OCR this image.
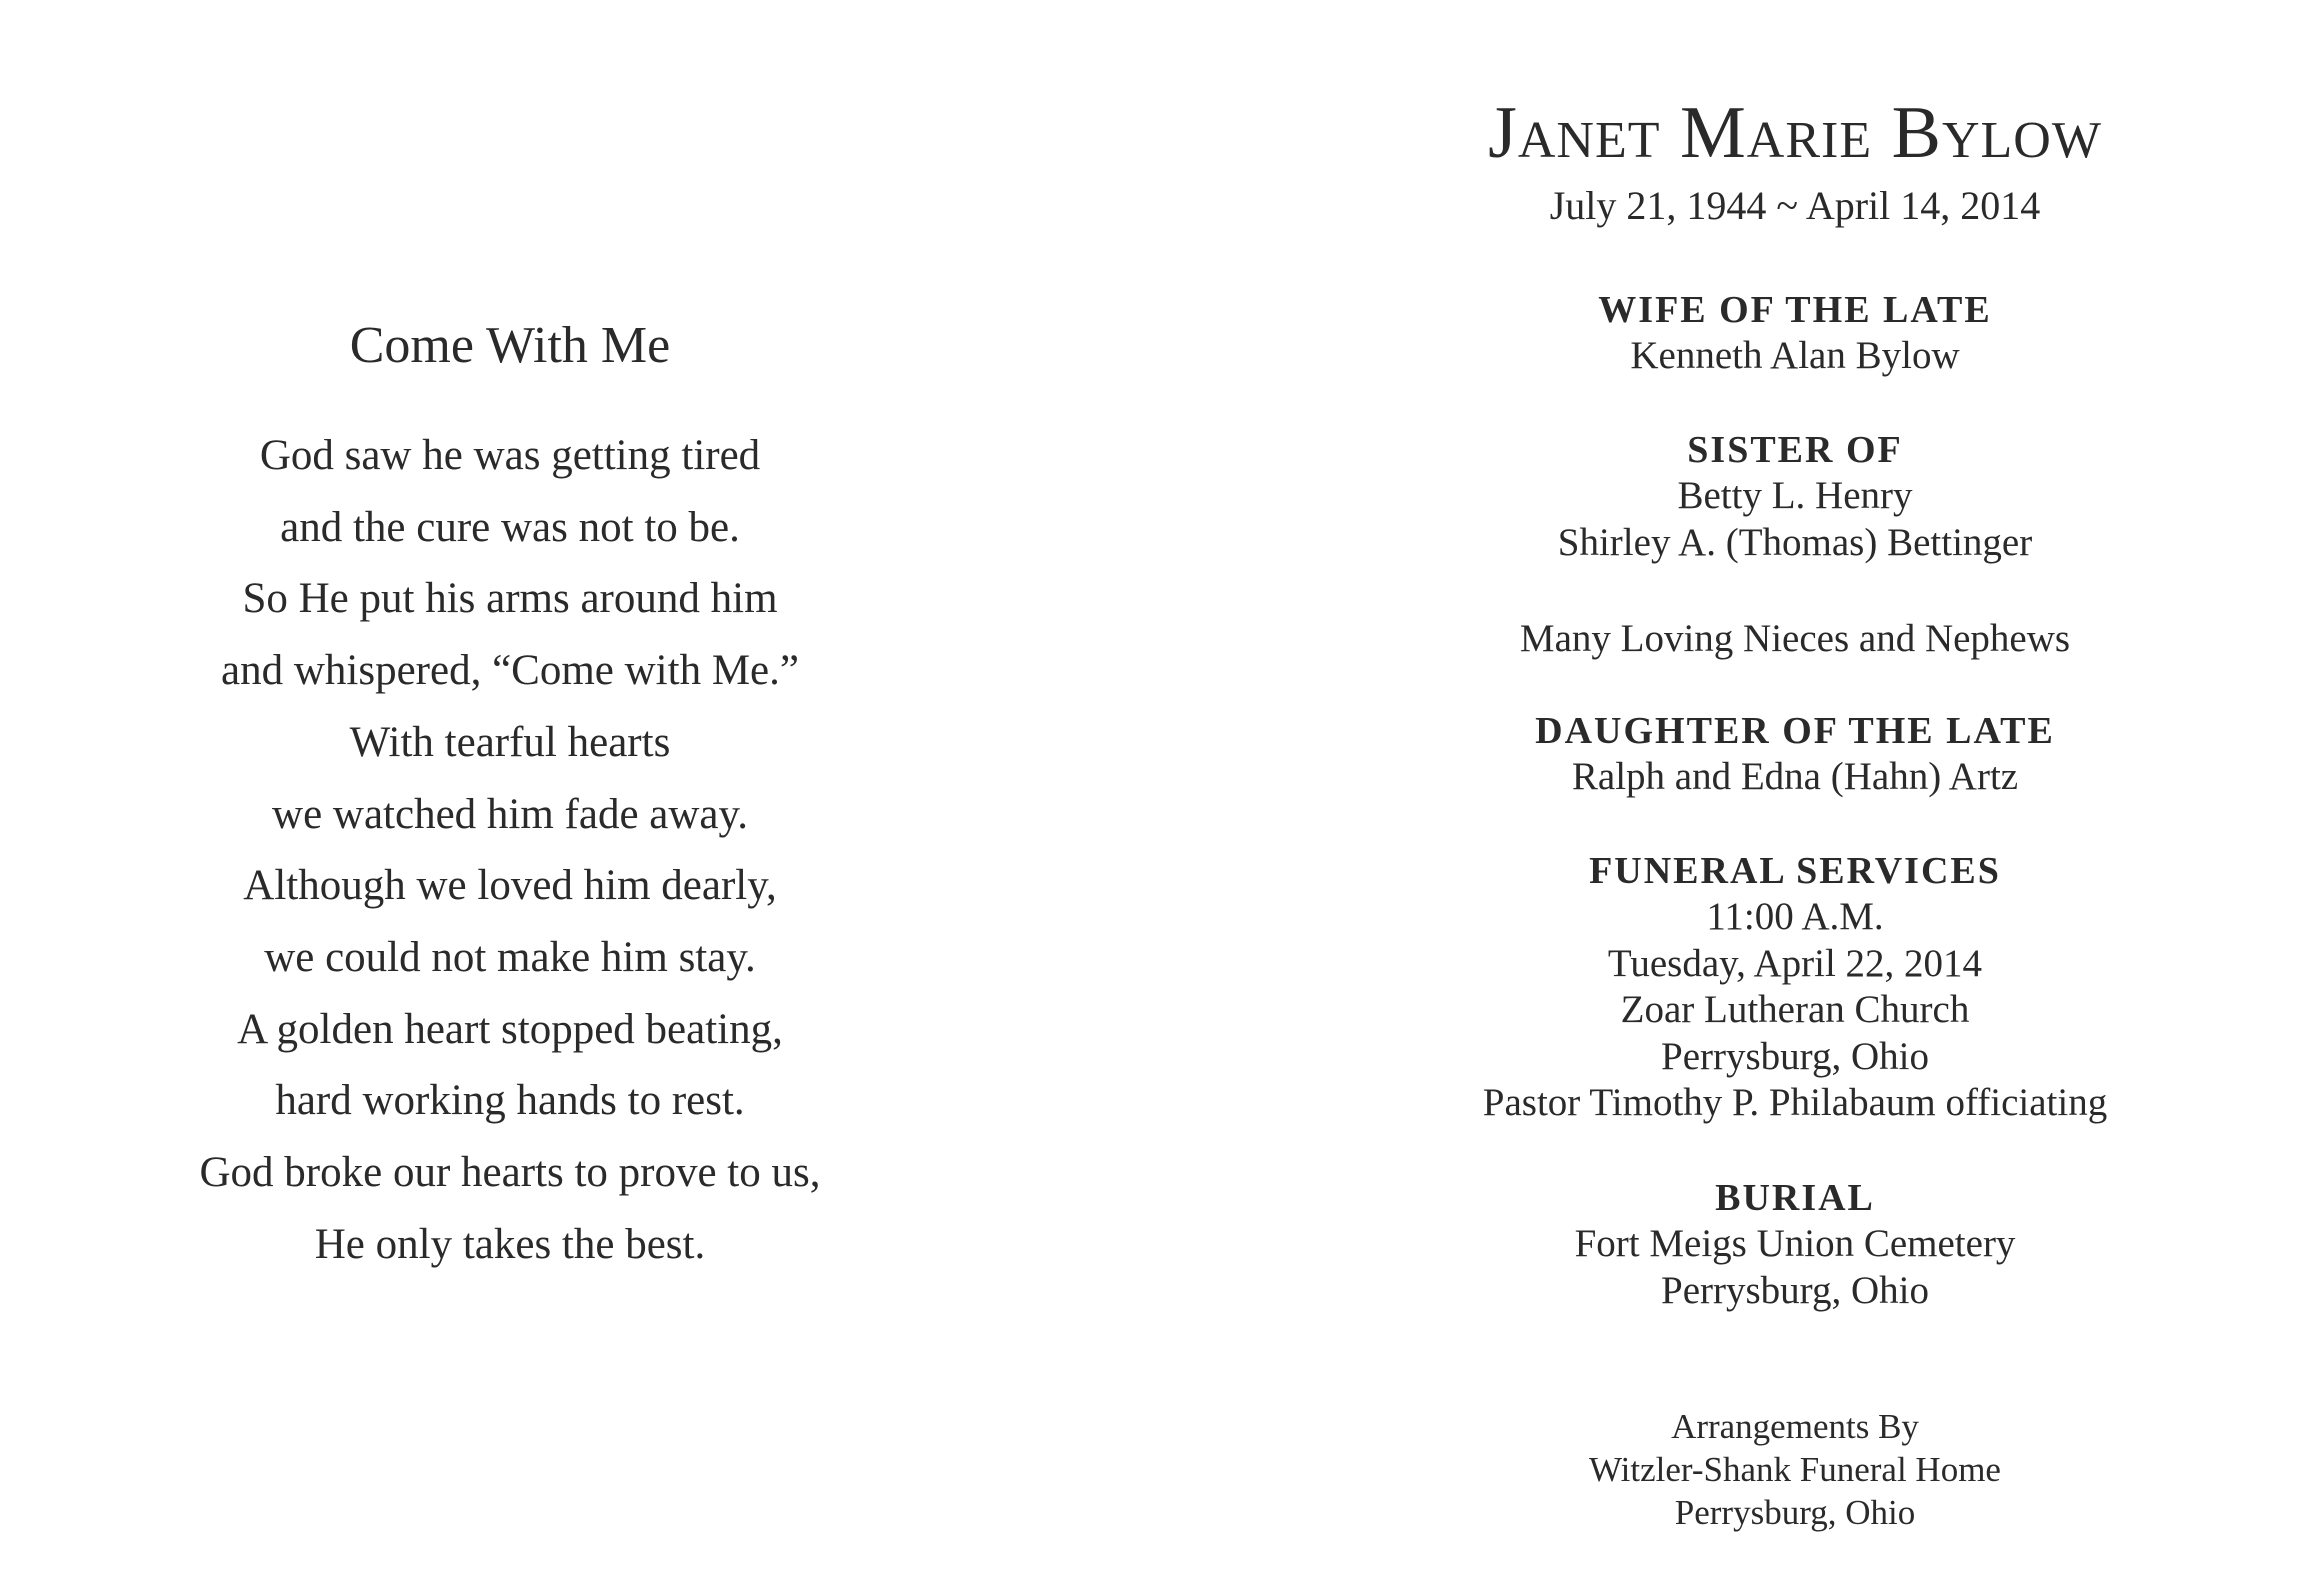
Come With Me
God saw he was getting tired
and the cure was not to be.
So He put his arms around him
and whispered, “Come with Me.”
With tearful hearts
we watched him fade away.
Although we loved him dearly,
we could not make him stay.
A golden heart stopped beating,
hard working hands to rest.
God broke our hearts to prove to us,
He only takes the best.
Janet Marie Bylow
July 21, 1944 ~ April 14, 2014
WIFE OF THE LATE
Kenneth Alan Bylow
SISTER OF
Betty L. Henry
Shirley A. (Thomas) Bettinger
Many Loving Nieces and Nephews
DAUGHTER OF THE LATE
Ralph and Edna (Hahn) Artz
FUNERAL SERVICES
11:00 A.M.
Tuesday, April 22, 2014
Zoar Lutheran Church
Perrysburg, Ohio
Pastor Timothy P. Philabaum officiating
BURIAL
Fort Meigs Union Cemetery
Perrysburg, Ohio
Arrangements By
Witzler-Shank Funeral Home
Perrysburg, Ohio
